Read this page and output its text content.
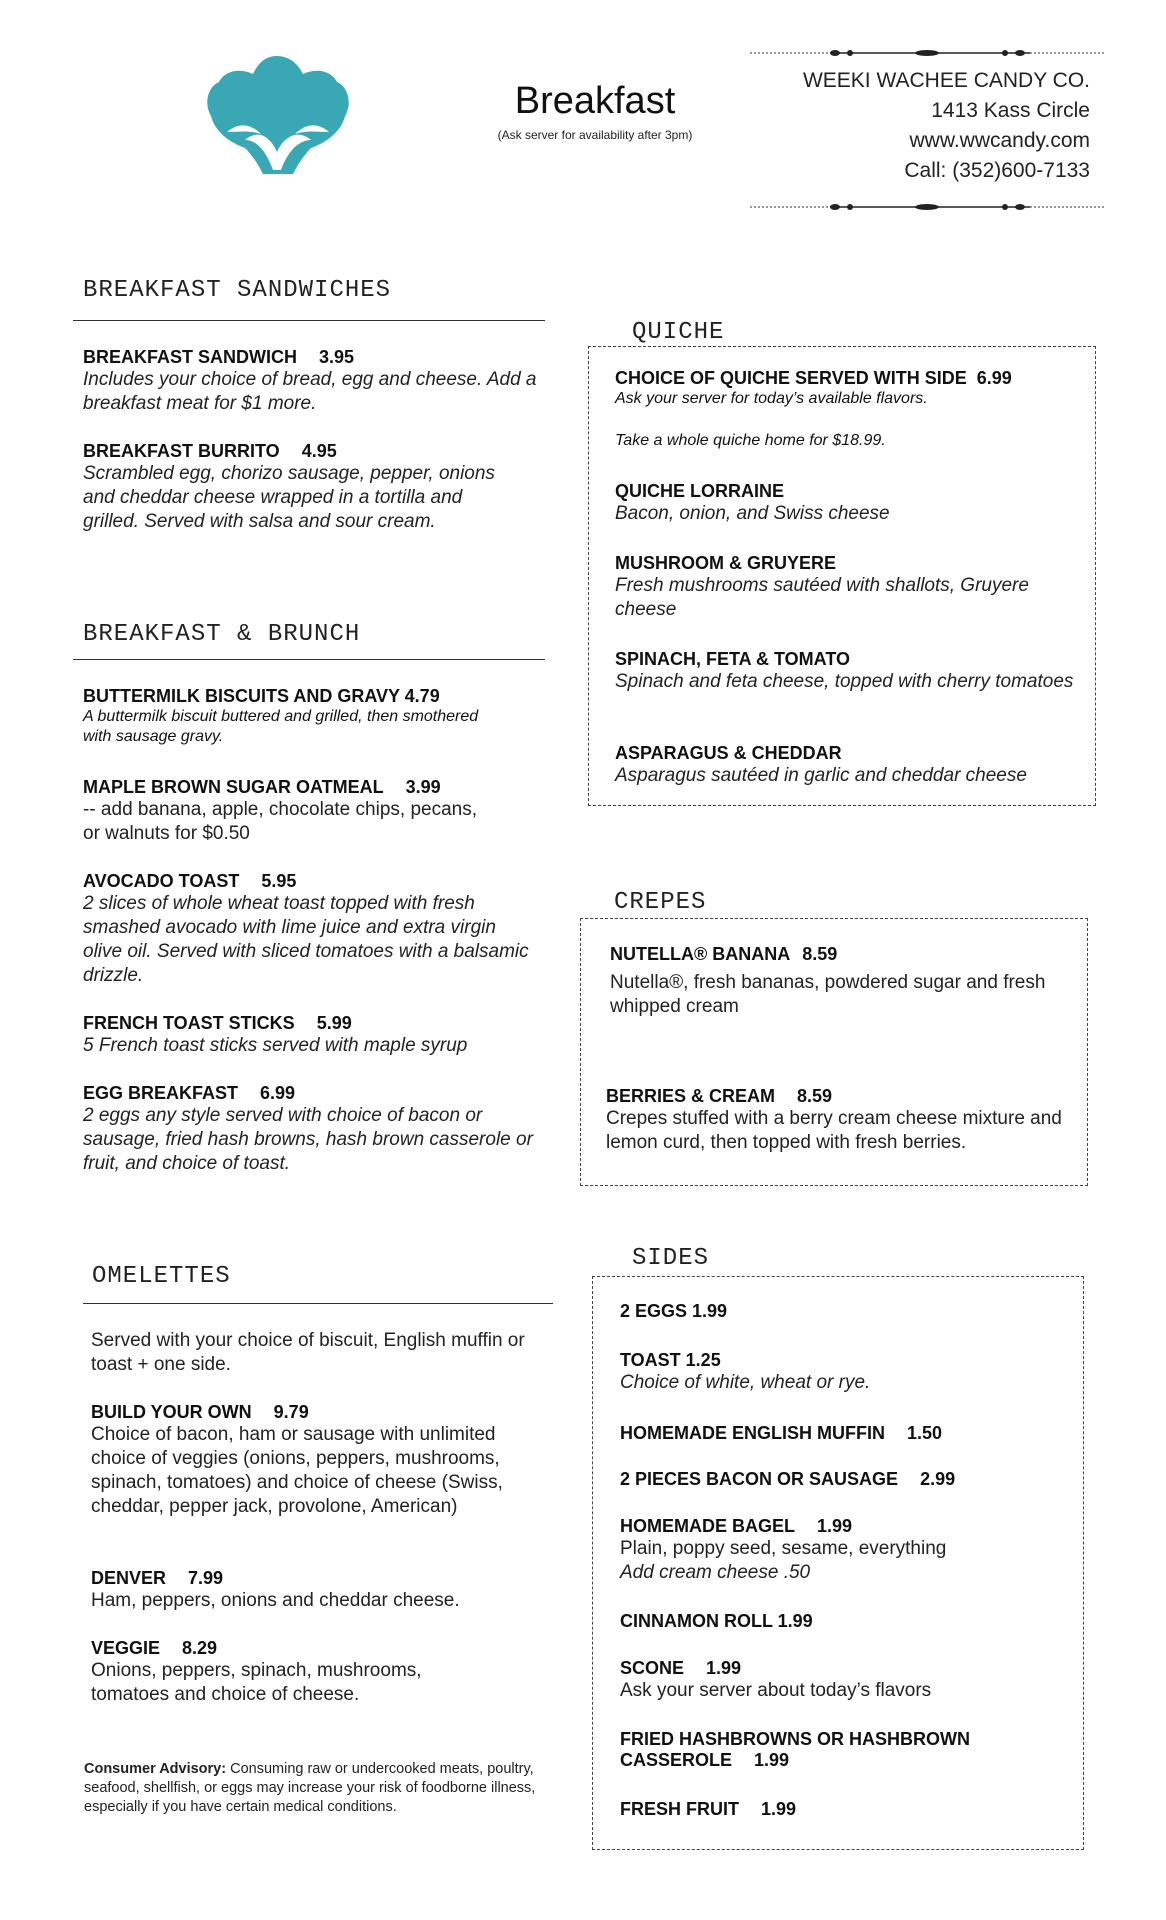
Breakfast
(Ask server for availability after 3pm)
WEEKI WACHEE CANDY CO.
1413 Kass Circle
www.wwcandy.com
Call: (352)600-7133
BREAKFAST SANDWICHES
BREAKFAST SANDWICH 3.95
Includes your choice of bread, egg and cheese. Add a breakfast meat for $1 more.
BREAKFAST BURRITO 4.95
Scrambled egg, chorizo sausage, pepper, onions and cheddar cheese wrapped in a tortilla and grilled. Served with salsa and sour cream.
BREAKFAST & BRUNCH
BUTTERMILK BISCUITS AND GRAVY 4.79
A buttermilk biscuit buttered and grilled, then smothered with sausage gravy.
MAPLE BROWN SUGAR OATMEAL 3.99
-- add banana, apple, chocolate chips, pecans, or walnuts for $0.50
AVOCADO TOAST 5.95
2 slices of whole wheat toast topped with fresh smashed avocado with lime juice and extra virgin olive oil. Served with sliced tomatoes with a balsamic drizzle.
FRENCH TOAST STICKS 5.99
5 French toast sticks served with maple syrup
EGG BREAKFAST 6.99
2 eggs any style served with choice of bacon or sausage, fried hash browns, hash brown casserole or fruit, and choice of toast.
OMELETTES
Served with your choice of biscuit, English muffin or toast + one side.
BUILD YOUR OWN 9.79
Choice of bacon, ham or sausage with unlimited choice of veggies (onions, peppers, mushrooms, spinach, tomatoes) and choice of cheese (Swiss, cheddar, pepper jack, provolone, American)
DENVER 7.99
Ham, peppers, onions and cheddar cheese.
VEGGIE 8.29
Onions, peppers, spinach, mushrooms, tomatoes and choice of cheese.
Consumer Advisory: Consuming raw or undercooked meats, poultry, seafood, shellfish, or eggs may increase your risk of foodborne illness, especially if you have certain medical conditions.
QUICHE
CHOICE OF QUICHE SERVED WITH SIDE 6.99
Ask your server for today’s available flavors.
Take a whole quiche home for $18.99.
QUICHE LORRAINE
Bacon, onion, and Swiss cheese
MUSHROOM & GRUYERE
Fresh mushrooms sautéed with shallots, Gruyere cheese
SPINACH, FETA & TOMATO
Spinach and feta cheese, topped with cherry tomatoes
ASPARAGUS & CHEDDAR
Asparagus sautéed in garlic and cheddar cheese
CREPES
NUTELLA® BANANA 8.59
Nutella®, fresh bananas, powdered sugar and fresh whipped cream
BERRIES & CREAM 8.59
Crepes stuffed with a berry cream cheese mixture and lemon curd, then topped with fresh berries.
SIDES
2 EGGS 1.99
TOAST 1.25
Choice of white, wheat or rye.
HOMEMADE ENGLISH MUFFIN 1.50
2 PIECES BACON OR SAUSAGE 2.99
HOMEMADE BAGEL 1.99
Plain, poppy seed, sesame, everything
Add cream cheese .50
CINNAMON ROLL 1.99
SCONE 1.99
Ask your server about today’s flavors
FRIED HASHBROWNS OR HASHBROWN
CASSEROLE 1.99
FRESH FRUIT 1.99
